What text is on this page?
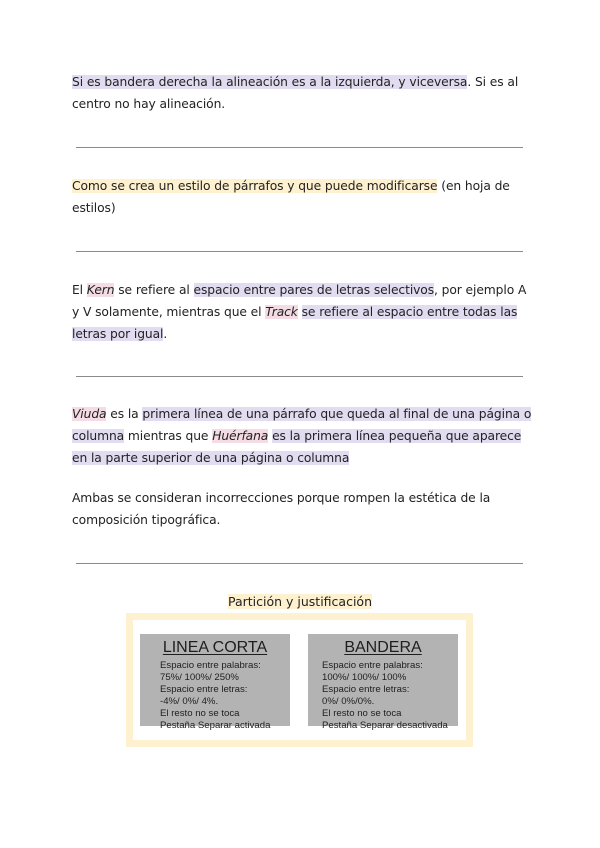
Si es bandera derecha la alineación es a la izquierda, y viceversa. Si es al centro no hay alineación.
Como se crea un estilo de párrafos y que puede modificarse (en hoja de estilos)
El Kern se refiere al espacio entre pares de letras selectivos, por ejemplo A y V solamente, mientras que el Track se refiere al espacio entre todas las letras por igual.
Viuda es la primera línea de una párrafo que queda al final de una página o columna mientras que Huérfana es la primera línea pequeña que aparece en la parte superior de una página o columna
Ambas se consideran incorrecciones porque rompen la estética de la composición tipográfica.
Partición y justificación
LINEA CORTA
Espacio entre palabras:
75%/ 100%/ 250%
Espacio entre letras:
-4%/ 0%/ 4%.
El resto no se toca
Pestaña Separar activada
BANDERA
Espacio entre palabras:
100%/ 100%/ 100%
Espacio entre letras:
0%/ 0%/0%.
El resto no se toca
Pestaña Separar desactivada
